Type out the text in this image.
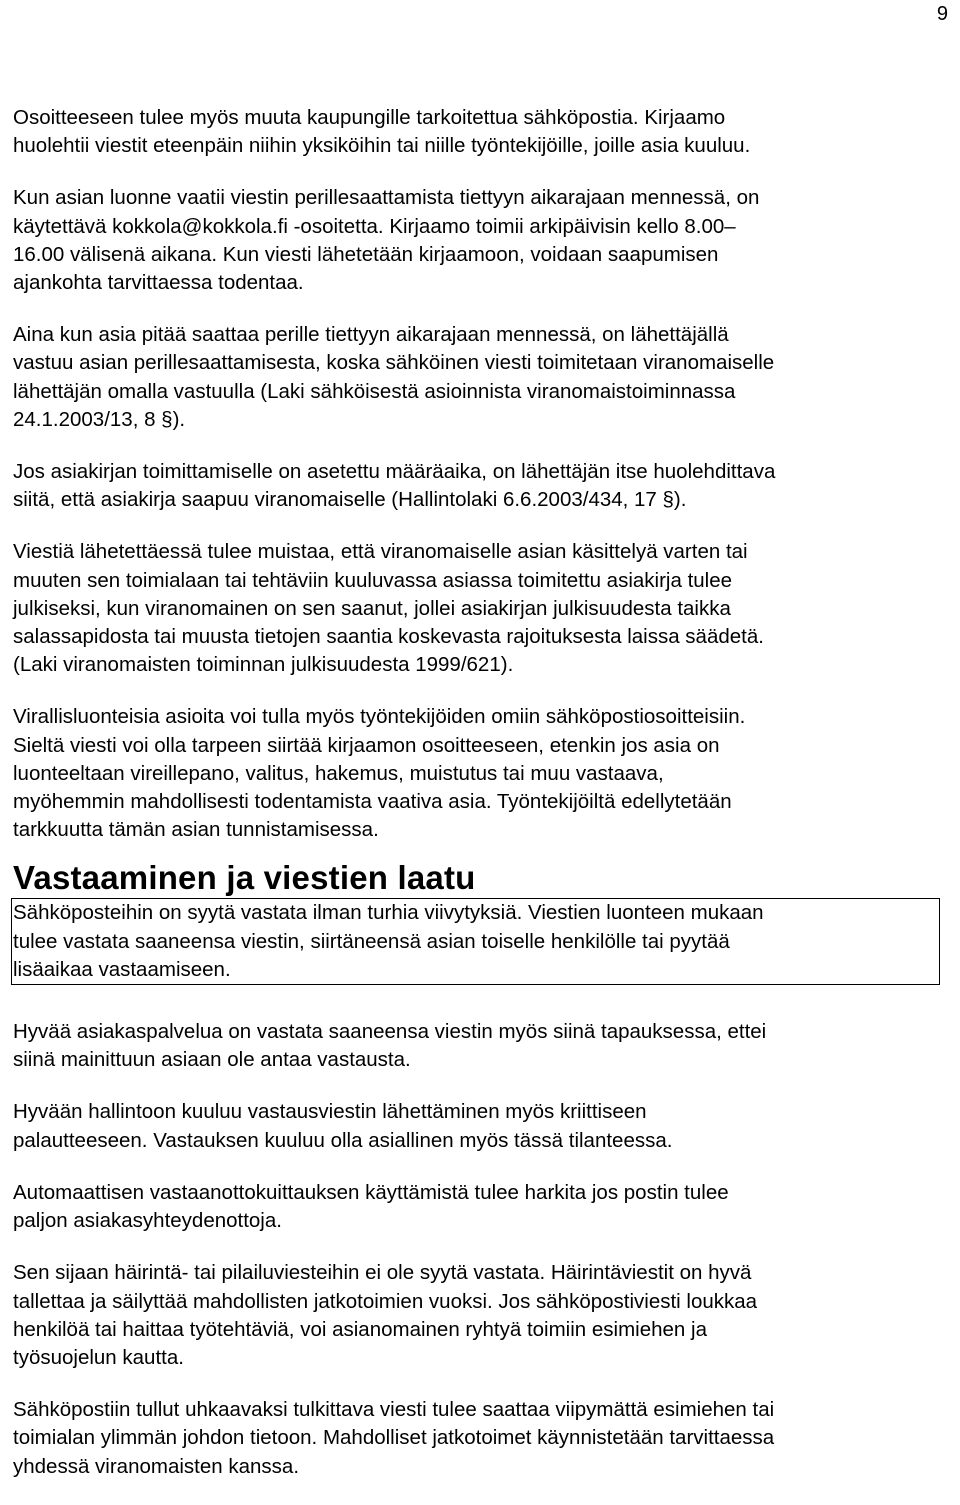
9

Osoitteeseen tulee myös muuta kaupungille tarkoitettua sähköpostia. Kirjaamo
huolehtii viestit eteenpäin niihin yksiköihin tai niille työntekijöille, joille asia kuuluu.

Kun asian luonne vaatii viestin perillesaattamista tiettyyn aikarajaan mennessä, on
käytettävä kokkola@kokkola.fi -osoitetta. Kirjaamo toimii arkipäivisin kello 8.00–
16.00 välisenä aikana. Kun viesti lähetetään kirjaamoon, voidaan saapumisen
ajankohta tarvittaessa todentaa.

Aina kun asia pitää saattaa perille tiettyyn aikarajaan mennessä, on lähettäjällä
vastuu asian perillesaattamisesta, koska sähköinen viesti toimitetaan viranomaiselle
lähettäjän omalla vastuulla (Laki sähköisestä asioinnista viranomaistoiminnassa
24.1.2003/13, 8 §).

Jos asiakirjan toimittamiselle on asetettu määräaika, on lähettäjän itse huolehdittava
siitä, että asiakirja saapuu viranomaiselle (Hallintolaki 6.6.2003/434, 17 §).

Viestiä lähetettäessä tulee muistaa, että viranomaiselle asian käsittelyä varten tai
muuten sen toimialaan tai tehtäviin kuuluvassa asiassa toimitettu asiakirja tulee
julkiseksi, kun viranomainen on sen saanut, jollei asiakirjan julkisuudesta taikka
salassapidosta tai muusta tietojen saantia koskevasta rajoituksesta laissa säädetä.
(Laki viranomaisten toiminnan julkisuudesta 1999/621).

Virallisluonteisia asioita voi tulla myös työntekijöiden omiin sähköpostiosoitteisiin.
Sieltä viesti voi olla tarpeen siirtää kirjaamon osoitteeseen, etenkin jos asia on
luonteeltaan vireillepano, valitus, hakemus, muistutus tai muu vastaava,
myöhemmin mahdollisesti todentamista vaativa asia. Työntekijöiltä edellytetään
tarkkuutta tämän asian tunnistamisessa.

Vastaaminen ja viestien laatu

Sähköposteihin on syytä vastata ilman turhia viivytyksiä. Viestien luonteen mukaan
tulee vastata saaneensa viestin, siirtäneensä asian toiselle henkilölle tai pyytää
lisäaikaa vastaamiseen.

Hyvää asiakaspalvelua on vastata saaneensa viestin myös siinä tapauksessa, ettei
siinä mainittuun asiaan ole antaa vastausta.

Hyvään hallintoon kuuluu vastausviestin lähettäminen myös kriittiseen
palautteeseen. Vastauksen kuuluu olla asiallinen myös tässä tilanteessa.

Automaattisen vastaanottokuittauksen käyttämistä tulee harkita jos postin tulee
paljon asiakasyhteydenottoja.

Sen sijaan häirintä- tai pilailuviesteihin ei ole syytä vastata. Häirintäviestit on hyvä
tallettaa ja säilyttää mahdollisten jatkotoimien vuoksi. Jos sähköpostiviesti loukkaa
henkilöä tai haittaa työtehtäviä, voi asianomainen ryhtyä toimiin esimiehen ja
työsuojelun kautta.

Sähköpostiin tullut uhkaavaksi tulkittava viesti tulee saattaa viipymättä esimiehen tai
toimialan ylimmän johdon tietoon. Mahdolliset jatkotoimet käynnistetään tarvittaessa
yhdessä viranomaisten kanssa.
